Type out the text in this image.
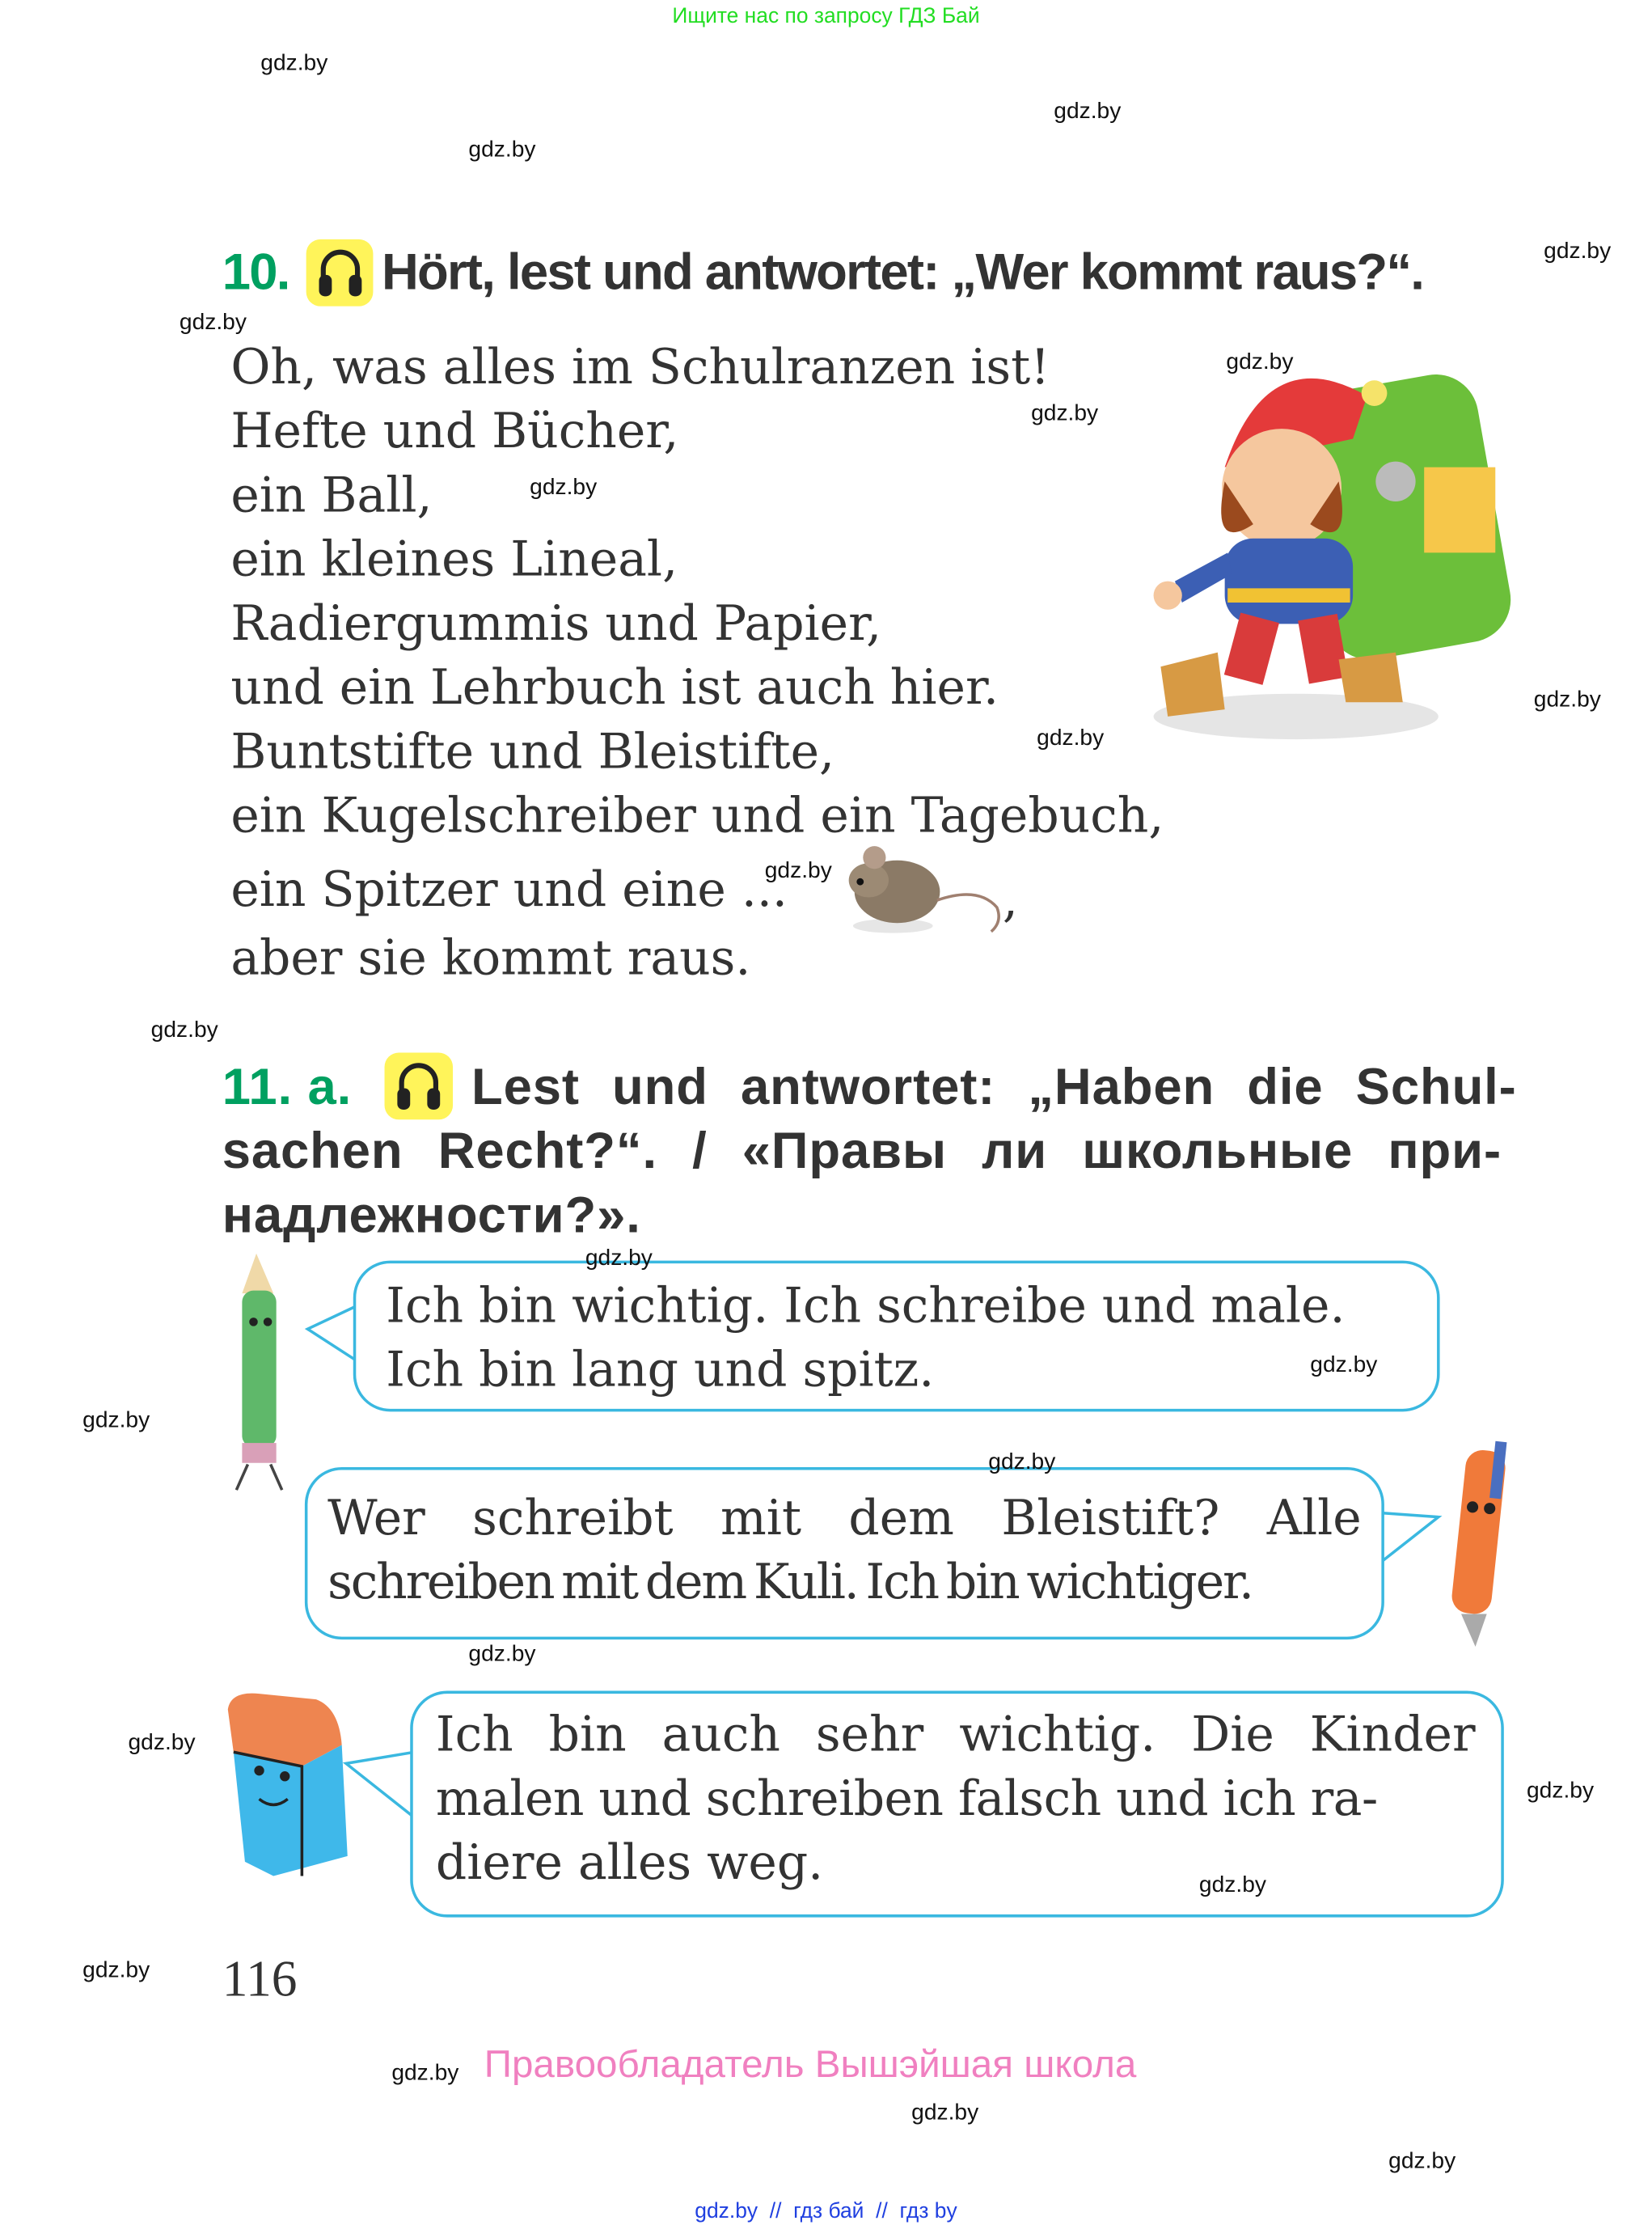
Ищите нас по запросу ГДЗ Бай
gdz.by
gdz.by
gdz.by
gdz.by
gdz.by
gdz.by
gdz.by
gdz.by
gdz.by
gdz.by
gdz.by
gdz.by
gdz.by
gdz.by
gdz.by
gdz.by
gdz.by
gdz.by
gdz.by
gdz.by
gdz.by
gdz.by
gdz.by
gdz.by
10.	Hört, lest und antwortet: „Wer kommt raus?“.
Oh, was alles im Schulranzen ist!
Hefte und Bücher,
ein Ball,
ein kleines Lineal,
Radiergummis und Papier,
und ein Lehrbuch ist auch hier.
Buntstifte und Bleistifte,
ein Kugelschreiber und ein Tagebuch,
ein Spitzer und eine ...
aber sie kommt raus.
,
11. a.	Lest und antwortet: „Haben die Schul-
sachen Recht?“. / «Правы ли школьные при-
надлежности?».
Ich bin wichtig. Ich schreibe und male.
Ich bin lang und spitz.
Wer schreibt mit dem Bleistift? Alle
schreiben mit dem Kuli. Ich bin wichtiger.
Ich bin auch sehr wichtig. Die Kinder
malen und schreiben falsch und ich ra-
diere alles weg.
116
Правообладатель Вышэйшая школа
gdz.by  //  гдз бай  //  гдз by
